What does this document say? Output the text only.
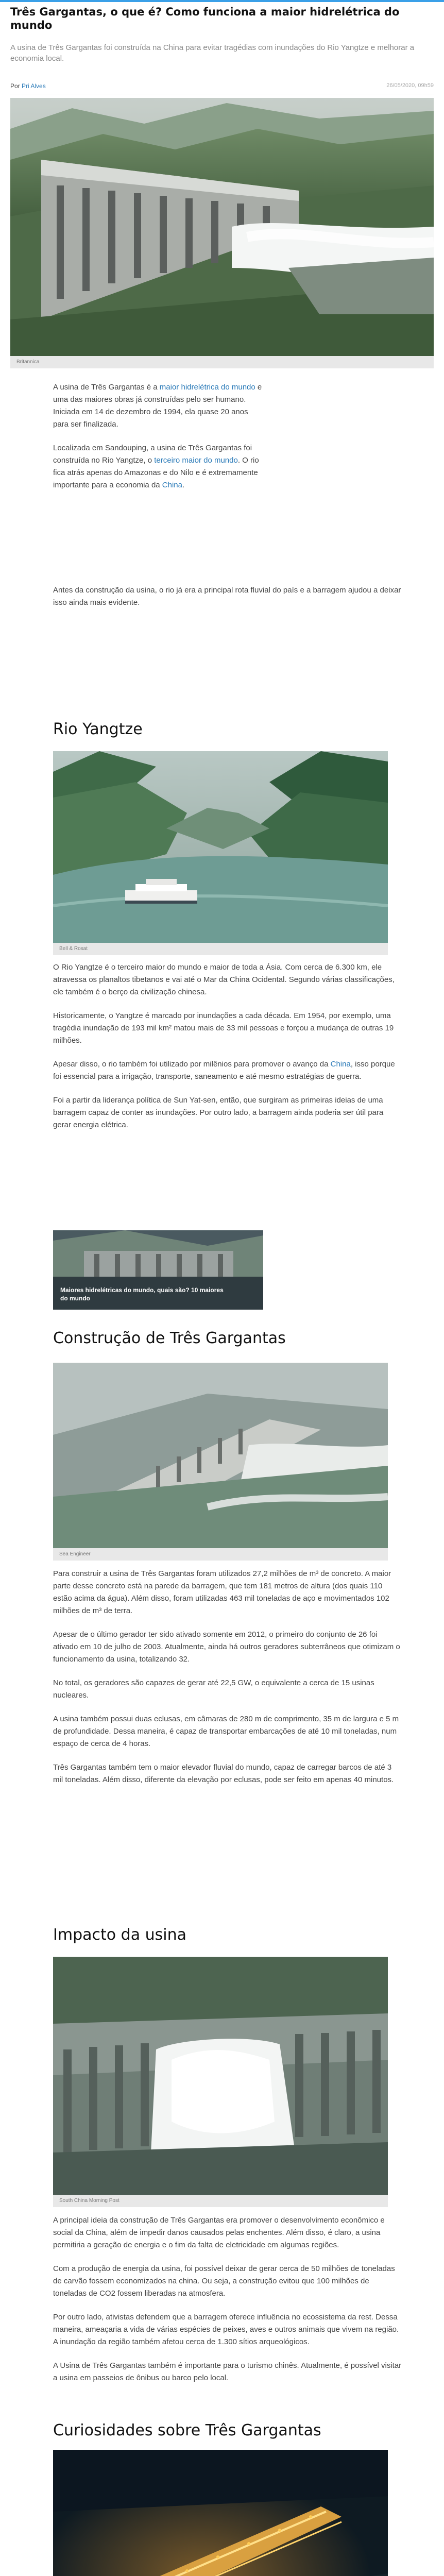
Três Gargantas, o que é? Como funciona a maior hidrelétrica do mundo

A usina de Três Gargantas foi construída na China para evitar tragédias com inundações do Rio Yangtze e melhorar a economia local.

Por Pri Alves	26/05/2020, 09h59
Britannica

A usina de Três Gargantas é a maior hidrelétrica do mundo e uma das maiores obras já construídas pelo ser humano. Iniciada em 14 de dezembro de 1994, ela quase 20 anos para ser finalizada.

Localizada em Sandouping, a usina de Três Gargantas foi construída no Rio Yangtze, o terceiro maior do mundo. O rio fica atrás apenas do Amazonas e do Nilo e é extremamente importante para a economia da China.

Antes da construção da usina, o rio já era a principal rota fluvial do país e a barragem ajudou a deixar isso ainda mais evidente.

Rio Yangtze
Bell & Rosat

O Rio Yangtze é o terceiro maior do mundo e maior de toda a Ásia. Com cerca de 6.300 km, ele atravessa os planaltos tibetanos e vai até o Mar da China Ocidental. Segundo várias classificações, ele também é o berço da civilização chinesa.

Historicamente, o Yangtze é marcado por inundações a cada década. Em 1954, por exemplo, uma tragédia inundação de 193 mil km² matou mais de 33 mil pessoas e forçou a mudança de outras 19 milhões.

Apesar disso, o rio também foi utilizado por milênios para promover o avanço da China, isso porque foi essencial para a irrigação, transporte, saneamento e até mesmo estratégias de guerra.

Foi a partir da liderança política de Sun Yat-sen, então, que surgiram as primeiras ideias de uma barragem capaz de conter as inundações. Por outro lado, a barragem ainda poderia ser útil para gerar energia elétrica.

Maiores hidrelétricas do mundo, quais são? 10 maiores do mundo
Construção de Três Gargantas
Sea Engineer

Para construir a usina de Três Gargantas foram utilizados 27,2 milhões de m³ de concreto. A maior parte desse concreto está na parede da barragem, que tem 181 metros de altura (dos quais 110 estão acima da água). Além disso, foram utilizadas 463 mil toneladas de aço e movimentados 102 milhões de m³ de terra.

Apesar de o último gerador ter sido ativado somente em 2012, o primeiro do conjunto de 26 foi ativado em 10 de julho de 2003. Atualmente, ainda há outros geradores subterrâneos que otimizam o funcionamento da usina, totalizando 32.

No total, os geradores são capazes de gerar até 22,5 GW, o equivalente a cerca de 15 usinas nucleares.

A usina também possui duas eclusas, em câmaras de 280 m de comprimento, 35 m de largura e 5 m de profundidade. Dessa maneira, é capaz de transportar embarcações de até 10 mil toneladas, num espaço de cerca de 4 horas.

Três Gargantas também tem o maior elevador fluvial do mundo, capaz de carregar barcos de até 3 mil toneladas. Além disso, diferente da elevação por eclusas, pode ser feito em apenas 40 minutos.

Impacto da usina
South China Morning Post

A principal ideia da construção de Três Gargantas era promover o desenvolvimento econômico e social da China, além de impedir danos causados pelas enchentes. Além disso, é claro, a usina permitiria a geração de energia e o fim da falta de eletricidade em algumas regiões.

Com a produção de energia da usina, foi possível deixar de gerar cerca de 50 milhões de toneladas de carvão fossem economizados na china. Ou seja, a construção evitou que 100 milhões de toneladas de CO2 fossem liberadas na atmosfera.

Por outro lado, ativistas defendem que a barragem oferece influência no ecossistema da rest. Dessa maneira, ameaçaria a vida de várias espécies de peixes, aves e outros animais que vivem na região. A inundação da região também afetou cerca de 1.300 sítios arqueológicos.

A Usina de Três Gargantas também é importante para o turismo chinês. Atualmente, é possível visitar a usina em passeios de ônibus ou barco pelo local.

Curiosidades sobre Três Gargantas
